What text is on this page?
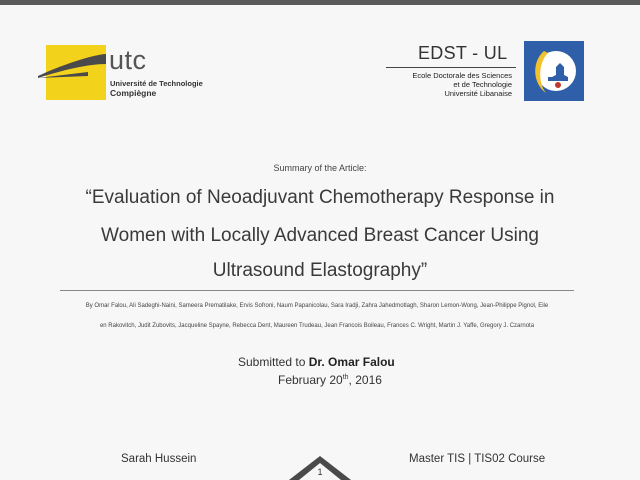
utc
Université de Technologie
Compiègne
EDST - UL
Ecole Doctorale des Sciences
et de Technologie
Université Libanaise
Summary of the Article:
“Evaluation of Neoadjuvant Chemotherapy Response in
Women with Locally Advanced Breast Cancer Using
Ultrasound Elastography”
By Omar Falou, Ali Sadeghi-Naini, Sameera Prematilake, Ervis Sofroni, Naum Papanicolau, Sara Iradji, Zahra Jahedmotlagh, Sharon Lemon-Wong, Jean-Philippe Pignol, Eile
en Rakovitch, Judit Zubovits, Jacqueline Spayne, Rebecca Dent, Maureen Trudeau, Jean Francois Boileau, Frances C. Wright, Martin J. Yaffe, Gregory J. Czarnota
Submitted to Dr. Omar Falou
February 20th, 2016
Sarah Hussein	Master TIS | TIS02 Course
1
